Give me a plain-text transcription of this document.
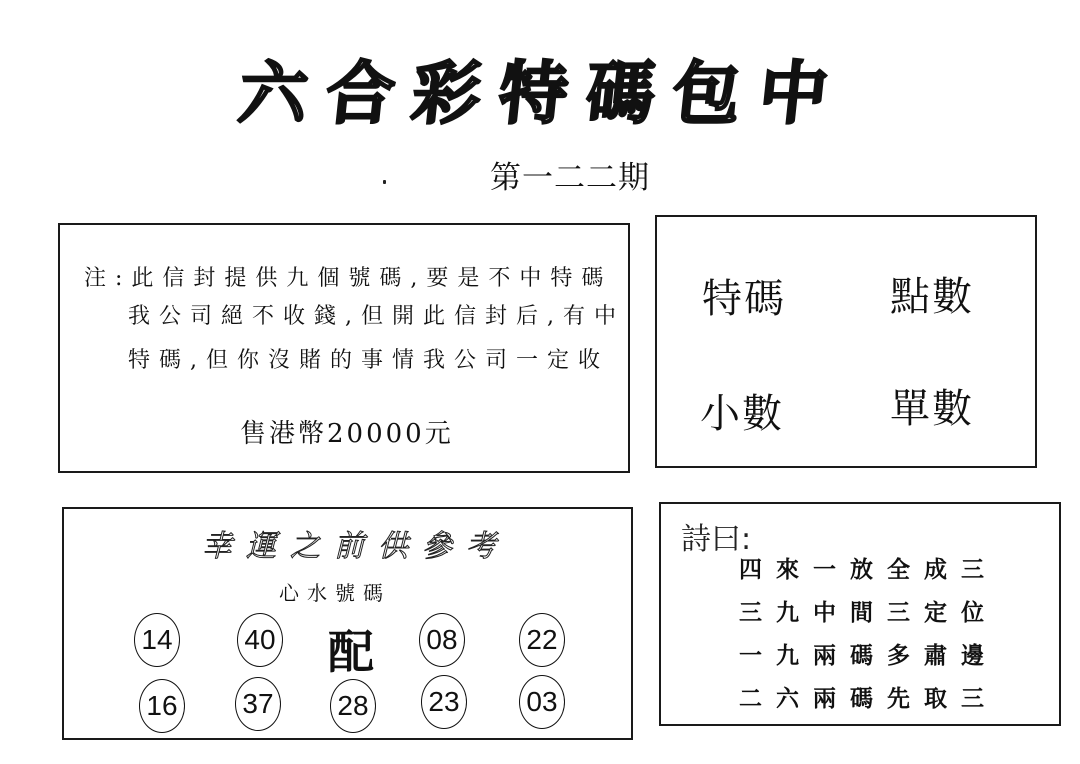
六 合 彩 特 碼 包 中
第一二二期
注:此信封提供九個號碼,要是不中特碼
我公司絕不收錢,但開此信封后,有中
特碼,但你沒賭的事情我公司一定收
售港幣20000元
特碼	點數
小數	單數
幸運之前供參考
心水號碼
14	40 配 08 22
16 37 28 23 03
詩曰:
四來一放全成三
三九中間三定位
一九兩碼多肅邊
二六兩碼先取三
